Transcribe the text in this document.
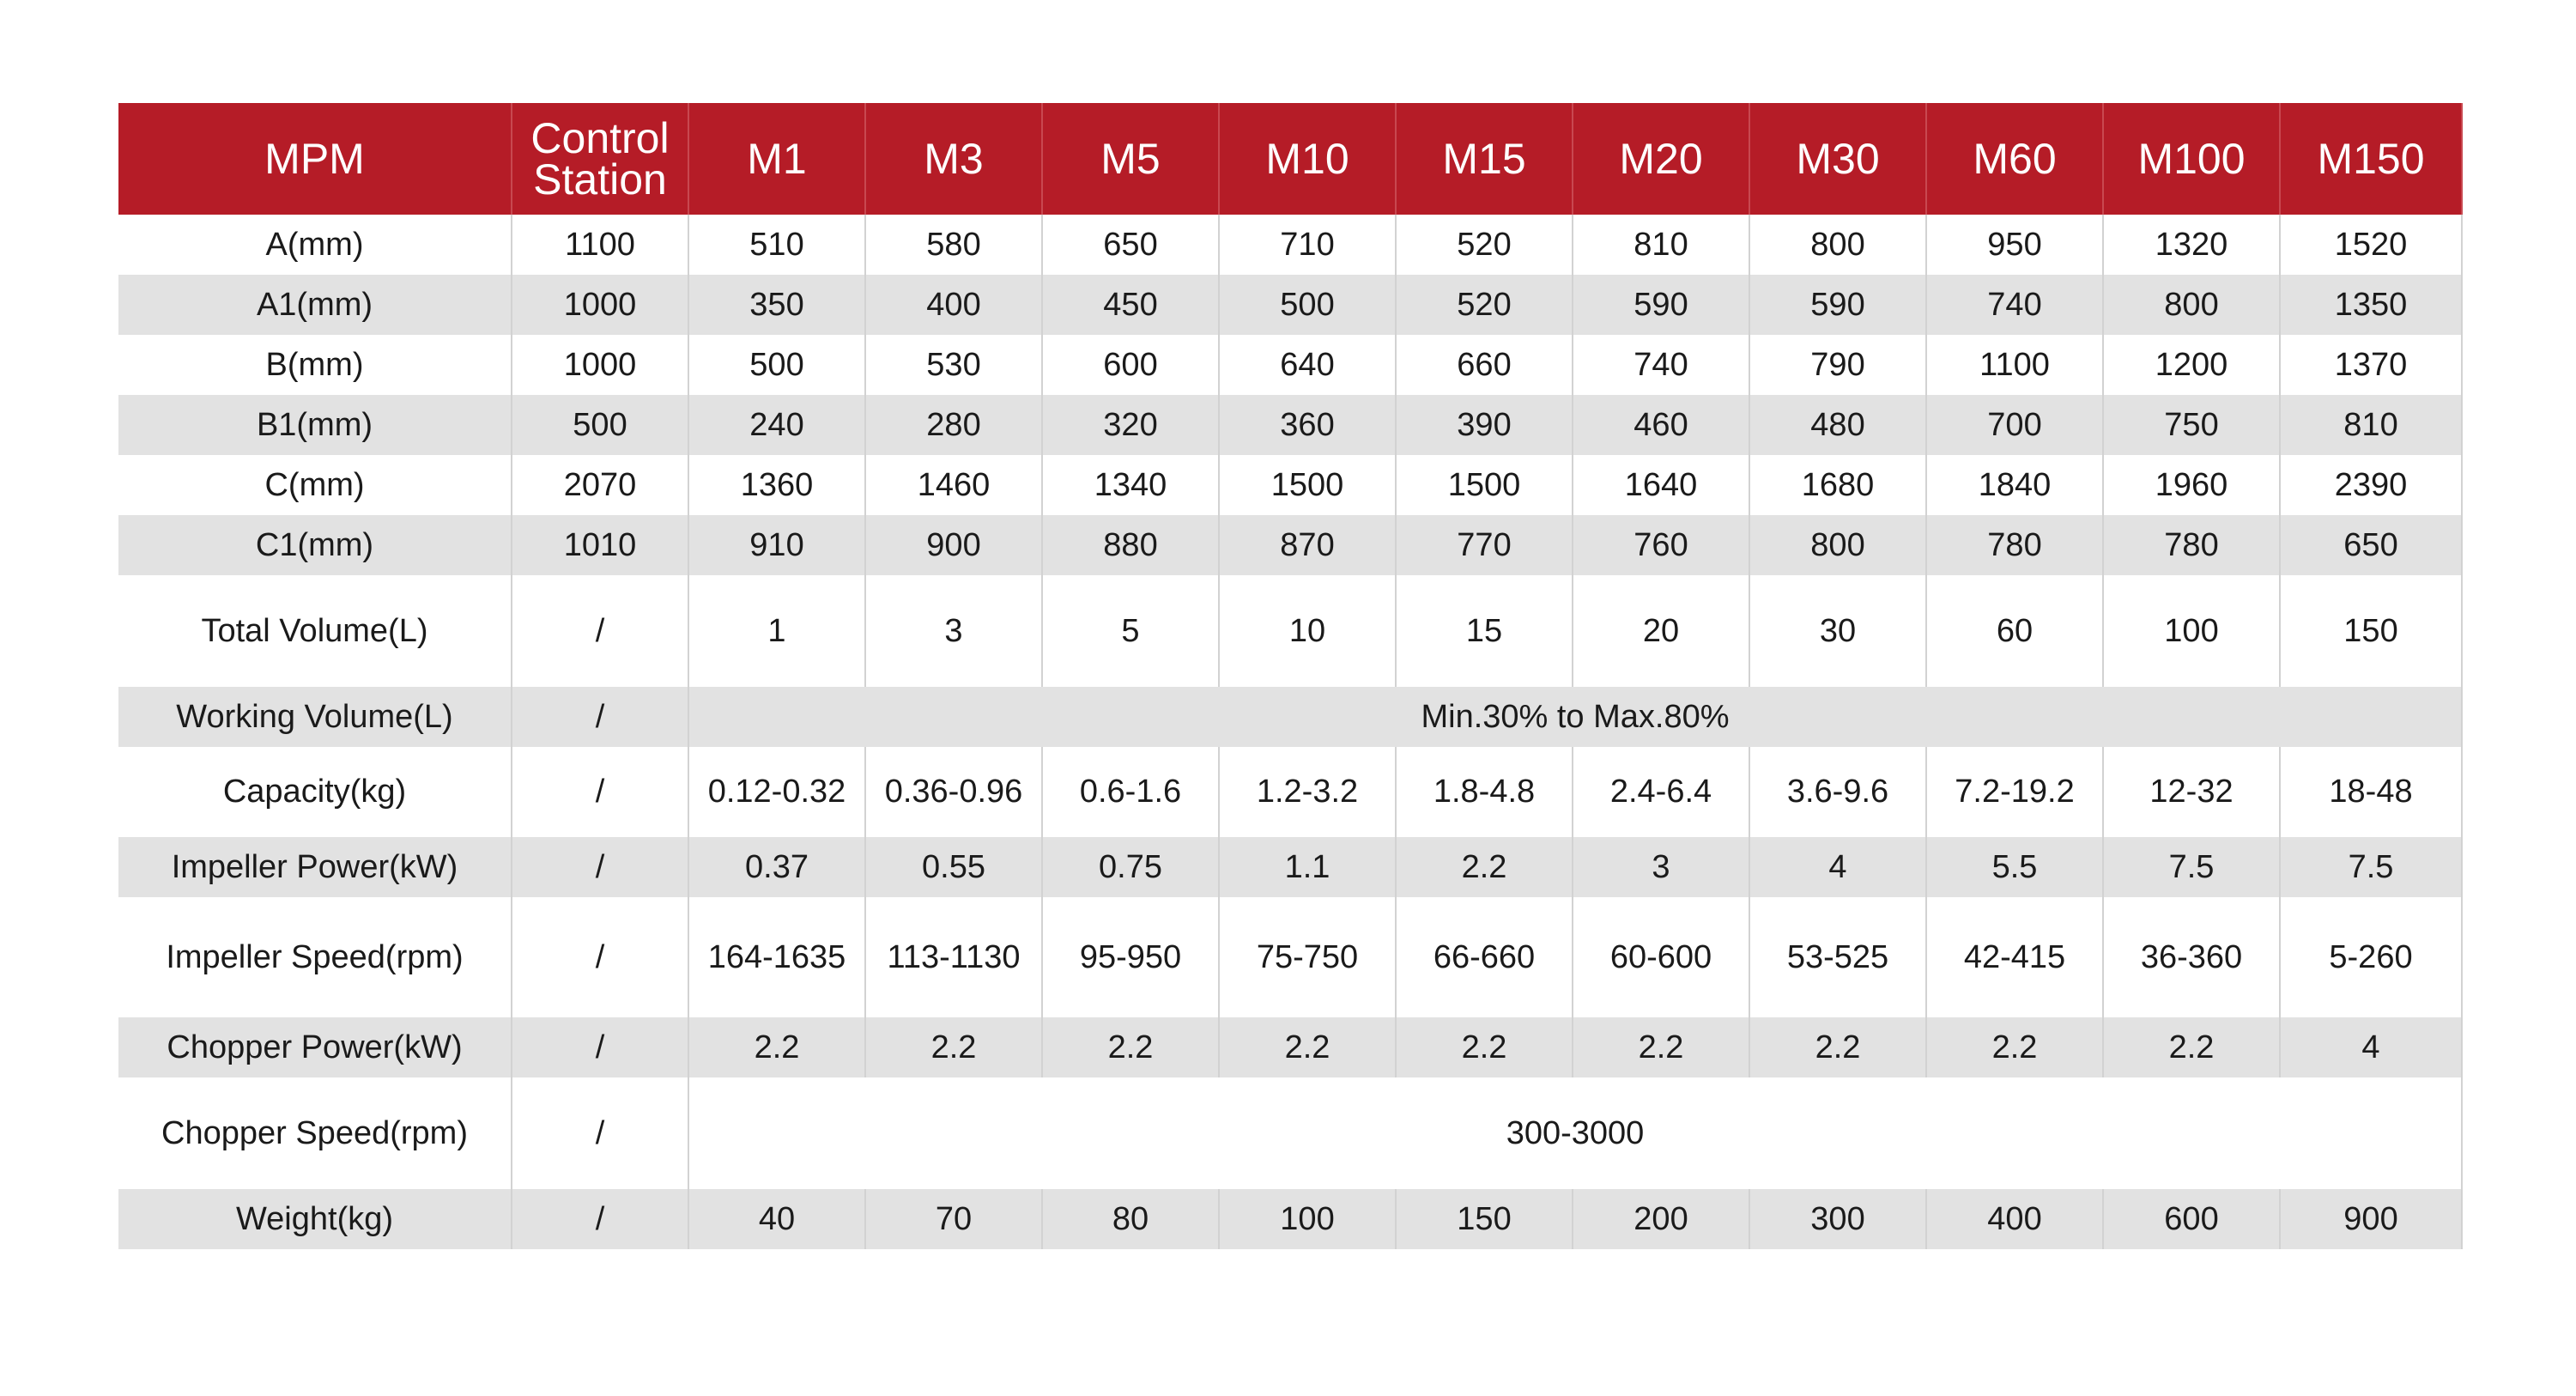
MPM	Control Station	M1	M3	M5	M10	M15	M20	M30	M60	M100	M150
A(mm)	1100	510	580	650	710	520	810	800	950	1320	1520
A1(mm)	1000	350	400	450	500	520	590	590	740	800	1350
B(mm)	1000	500	530	600	640	660	740	790	1100	1200	1370
B1(mm)	500	240	280	320	360	390	460	480	700	750	810
C(mm)	2070	1360	1460	1340	1500	1500	1640	1680	1840	1960	2390
C1(mm)	1010	910	900	880	870	770	760	800	780	780	650
Total Volume(L)	/	1	3	5	10	15	20	30	60	100	150
Working Volume(L)	/	Min.30% to Max.80%									
Capacity(kg)	/	0.12-0.32	0.36-0.96	0.6-1.6	1.2-3.2	1.8-4.8	2.4-6.4	3.6-9.6	7.2-19.2	12-32	18-48
Impeller Power(kW)	/	0.37	0.55	0.75	1.1	2.2	3	4	5.5	7.5	7.5
Impeller Speed(rpm)	/	164-1635	113-1130	95-950	75-750	66-660	60-600	53-525	42-415	36-360	5-260
Chopper Power(kW)	/	2.2	2.2	2.2	2.2	2.2	2.2	2.2	2.2	2.2	4
Chopper Speed(rpm)	/	300-3000									
Weight(kg)	/	40	70	80	100	150	200	300	400	600	900
